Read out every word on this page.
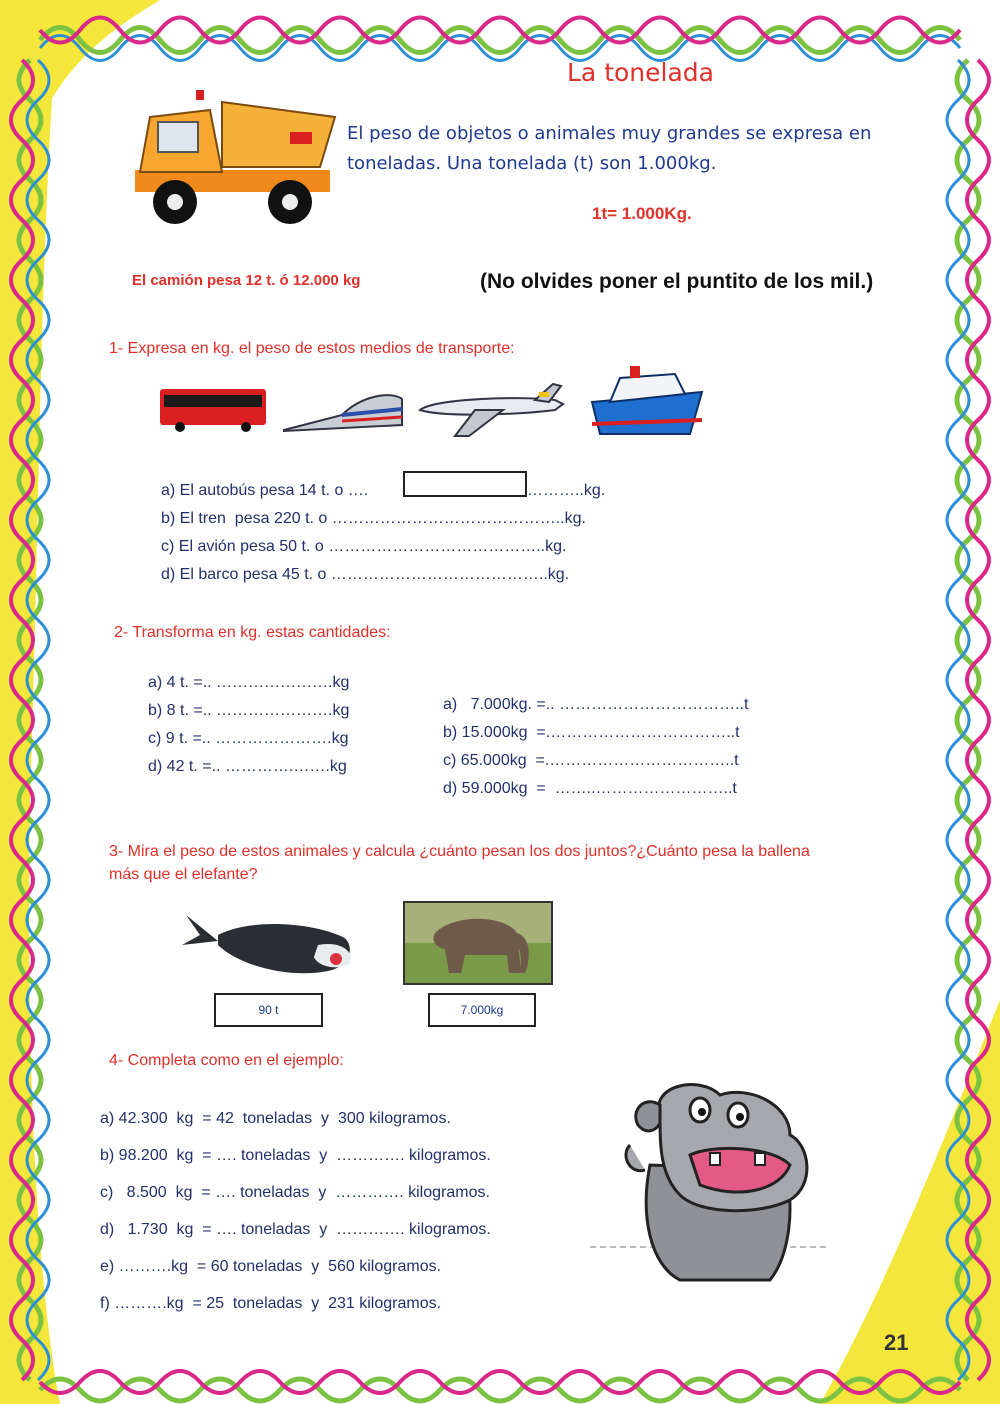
La tonelada
El peso de objetos o animales muy grandes se expresa en
toneladas. Una tonelada (t) son 1.000kg.
1t= 1.000Kg.
El camión pesa 12 t. ó 12.000 kg	(No olvides poner el puntito de los mil.)
1- Expresa en kg. el peso de estos medios de transporte:
a) El autobús pesa 14 t. o ….	………..kg.
b) El tren  pesa 220 t. o ……………………………………..kg.
c) El avión pesa 50 t. o …………………………………..kg.
d) El barco pesa 45 t. o …………………………………..kg.
2- Transforma en kg. estas cantidades:
a) 4 t. =.. ………………….kg
b) 8 t. =.. ………………….kg
c) 9 t. =.. ………………….kg
d) 42 t. =.. ………….…….kg
a)   7.000kg. =.. ……………………………..t
b) 15.000kg  =.……………………………..t
c) 65.000kg  =.……………………………..t
d) 59.000kg  =  ……..……………………..t
3- Mira el peso de estos animales y calcula ¿cuánto pesan los dos juntos?¿Cuánto pesa la ballena
más que el elefante?
90 t	7.000kg
4- Completa como en el ejemplo:
a) 42.300  kg  = 42  toneladas  y  300 kilogramos.
b) 98.200  kg  = …. toneladas  y  …………. kilogramos.
c)   8.500  kg  = …. toneladas  y  …………. kilogramos.
d)   1.730  kg  = …. toneladas  y  …………. kilogramos.
e) ……….kg  = 60 toneladas  y  560 kilogramos.
f) ……….kg  = 25  toneladas  y  231 kilogramos.
21
